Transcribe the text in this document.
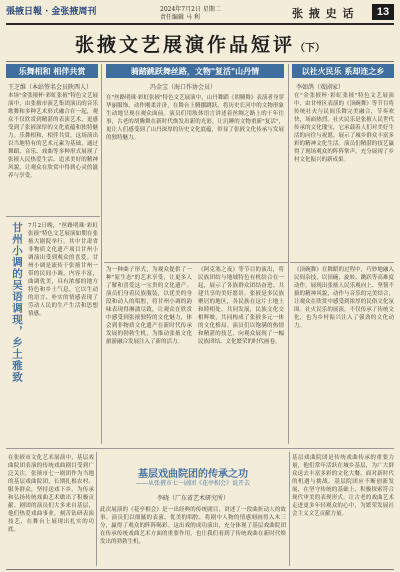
張掖日報 · 金张掖周刊	2024年7月2日 星期二
责任编辑 马 利	张 掖 史 话	13
张掖文艺展演作品短评（下）
乐舞相和 相伴共赏
王芝维（本站签名会员陕西人）

本场"金张掖杯·彩虹张掖"特色文艺展演中，由张掖市演艺集团演出的音乐歌舞和多种艺术形式融合在一起，观众不仅欣赏到精湛的表演艺术，更感受到了张掖深厚的文化底蕴和独特魅力。乐舞相和，相伴共赏，这场演出以当地特有的艺术元素为基础，通过舞蹈、音乐、戏曲等多种形式展现了张掖人民热爱生活、追求美好的精神风貌，让观众在欣赏中得到心灵的滋养与享受。

骑踏跳跃舞丝路，文物"复活"山丹情
冯金宝（海口作协会员）

在"丝路明珠·彩虹张掖"特色文艺展演中，山丹舞蹈《胡腾舞》表演者身穿华丽服饰，动作刚柔并济，在舞台上腾挪跳跃，将历史长河中的文物形象生动地呈现在观众面前。演员们用肢体语言讲述着丝绸之路上的千年往事，古老的胡腾舞在新时代焕发出新的光彩，让沉睡的文物重新"复活"，更让人们感受到了山丹深厚的历史文化底蕴，彰显了张掖文化传承与发展的独特魅力。

以社火民乐 系却连之乡
李如鸽（戏剧家）

在"金张掖杯·彩虹张掖"特色文艺展演中，由甘州区表演的《顶碗舞》等节目将传统社火与民间乐舞完美融合，节奏欢快，场面热烈。社火民乐是张掖人民世代传承的文化瑰宝，它承载着人们对美好生活的向往与祝愿，展示了城乡群众丰富多彩的精神文化生活。演员们精湛的技艺赢得了现场观众的阵阵掌声，充分展现了乡村文化振兴的新成果。

甘州小调的吴语调现，乡土雅致 7月2日晚，"丝路明珠·彩虹张掖"特色文艺展演如期在张掖大剧院举行，其中甘肃省非物质文化遗产项目甘州小调演出受到观众的喜爱。甘州小调是流传于张掖甘州一带的民间小调，内容丰富，曲调优美，具有浓郁的地方特色和乡土气息，它以生动的语言、朴实的情感表现了劳动人民的生产生活和思想情感。

为一种曲子形式，为观众提供了一种"原生态"的艺术享受，让更多人了解和喜爱这一宝贵的文化遗产。演员们身着民族服装，以优美的身段和动人的唱腔，将甘州小调的韵味表现得淋漓尽致，让观众在欣赏中感受到张掖独特的文化魅力，体会到非物质文化遗产在新时代传承发展的勃勃生机，为推动张掖文化旅游融合发展注入了新的活力。

《阿克塞之夜》等节目的演出，将民族团结与地域特色有机结合在一起，展示了各族群众团结奋进、共建共享的美好愿景。张掖是多民族聚居的地区，各民族在这片土地上和睦相处、共同发展，民族文化交相辉映，共同构成了张掖多元一体的文化格局。演员们以饱满的热情和精湛的技艺，向观众展现了一幅民族团结、文化繁荣的时代画卷。

《顶碗舞》在舞蹈的过程中，巧妙地融入民间杂技，以顶碗、旋转、跳跃等高难度动作，展现出张掖人民乐观向上、坚韧不拔的精神风貌，动作与音乐的完美结合，让观众在欣赏中感受到浓厚的民俗文化氛围。社火民乐的展演，不仅传承了传统文化，也为乡村振兴注入了强劲的文化动力。

基层戏曲院团的传承之功
——从张掖市七一剧团《花亭相会》说开去
李晓（广东省艺术研究所）

在张掖市文化艺术展演中，基层戏曲院团表演的传统戏曲剧目受到广泛关注。张掖市七一剧团作为当地的基层戏曲院团，长期扎根农村、服务群众，坚持送戏下乡，为传承和弘扬传统戏曲艺术做出了积极贡献。剧团的演员们大多来自基层，他们热爱戏曲事业，刻苦钻研表演技艺，在舞台上展现出扎实的功底。

此次展演的《花亭相会》是一出经典的传统剧目，讲述了一段曲折动人的故事。演员们以细腻的表演、优美的唱腔，将剧中人物的情感刻画得入木三分，赢得了观众的阵阵喝彩。这出戏的成功演出，充分体现了基层戏曲院团在传承传统戏曲艺术方面的重要作用，也让我们看到了传统戏曲在新时代焕发出的勃勃生机。

基层戏曲院团是传统戏曲传承的重要力量，他们常年活跃在城乡基层，为广大群众送去丰富多彩的文化大餐。面对新时代的机遇与挑战，基层院团应不断创新发展，在坚守传统的基础上，积极探索符合现代审美的表现形式，让古老的戏曲艺术走进更多年轻观众的心中，为繁荣发展社会主义文艺贡献力量。
